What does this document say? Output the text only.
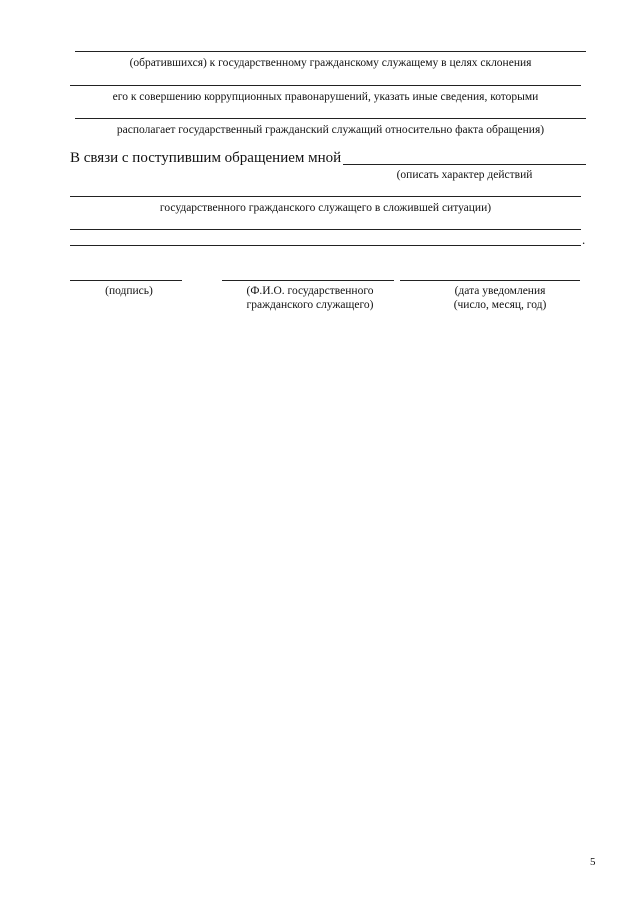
(обратившихся) к государственному гражданскому служащему в целях склонения
его к совершению коррупционных правонарушений, указать иные сведения, которыми
располагает государственный гражданский служащий относительно факта обращения)
В связи с поступившим обращением мной
(описать характер действий
государственного гражданского служащего в сложившей ситуации)
.
(подпись)	(Ф.И.О. государственного
гражданского служащего)
(дата уведомления
(число, месяц, год)
5
